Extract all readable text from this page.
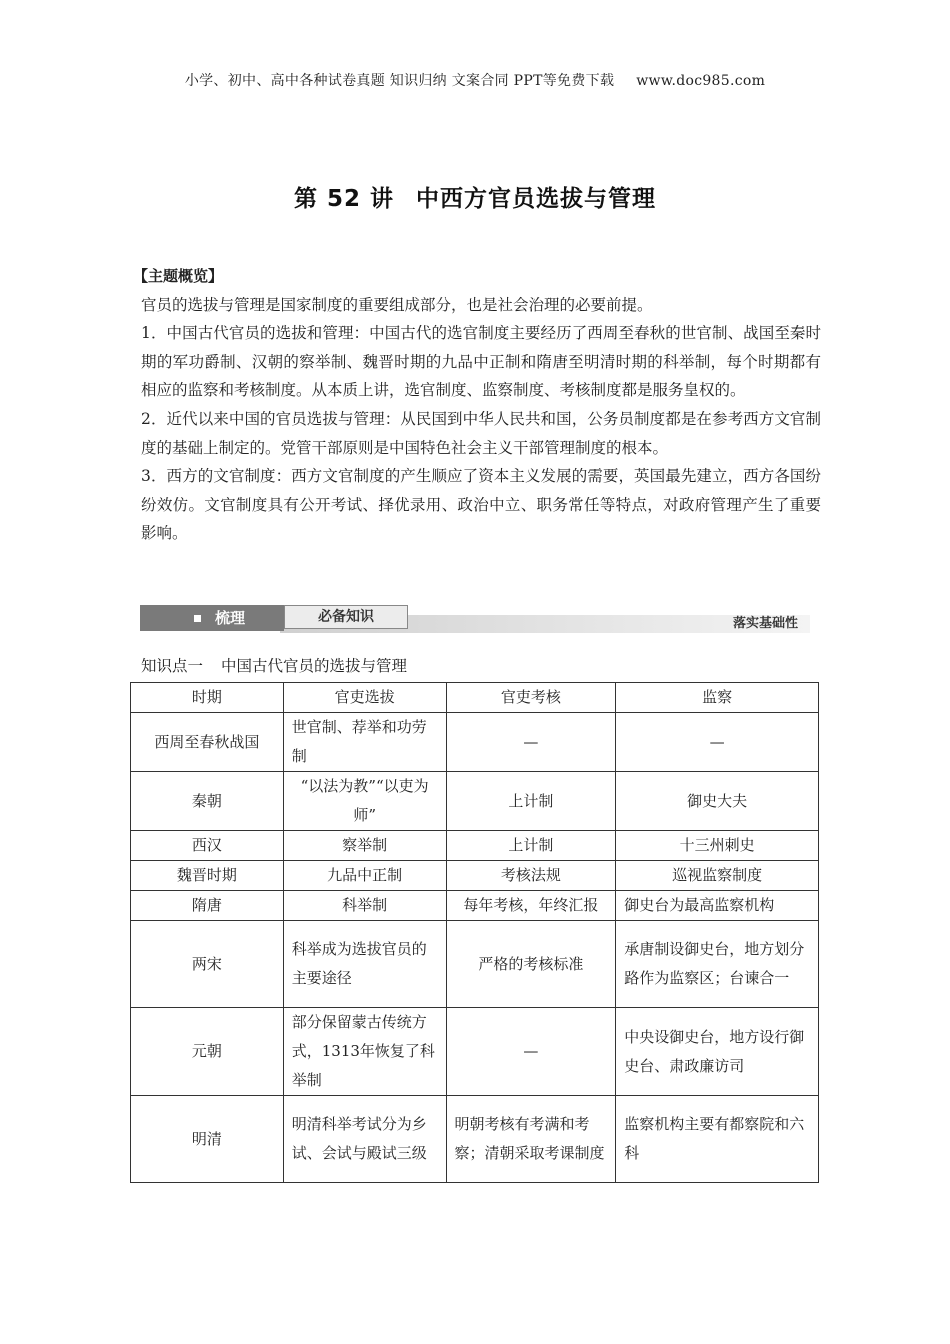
小学、初中、高中各种试卷真题 知识归纳 文案合同 PPT等免费下载 www.doc985.com
第 52 讲 中西方官员选拔与管理

【主题概览】

官员的选拔与管理是国家制度的重要组成部分，也是社会治理的必要前提。

1．中国古代官员的选拔和管理：中国古代的选官制度主要经历了西周至春秋的世官制、战国至秦时期的军功爵制、汉朝的察举制、魏晋时期的九品中正制和隋唐至明清时期的科举制，每个时期都有相应的监察和考核制度。从本质上讲，选官制度、监察制度、考核制度都是服务皇权的。

2．近代以来中国的官员选拔与管理：从民国到中华人民共和国，公务员制度都是在参考西方文官制度的基础上制定的。党管干部原则是中国特色社会主义干部管理制度的根本。

3．西方的文官制度：西方文官制度的产生顺应了资本主义发展的需要，英国最先建立，西方各国纷纷效仿。文官制度具有公开考试、择优录用、政治中立、职务常任等特点，对政府管理产生了重要影响。

梳理	必备知识	落实基础性
知识点一 中国古代官员的选拔与管理
时期	官吏选拔	官吏考核	监察
西周至春秋战国	世官制、荐举和功劳制	—	—
秦朝	“以法为教”“以吏为师”	上计制	御史大夫
西汉	察举制	上计制	十三州刺史
魏晋时期	九品中正制	考核法规	巡视监察制度
隋唐	科举制	每年考核，年终汇报	御史台为最高监察机构
两宋	科举成为选拔官员的主要途径	严格的考核标准	承唐制设御史台，地方划分路作为监察区；台谏合一
元朝	部分保留蒙古传统方式，1313年恢复了科举制	—	中央设御史台，地方设行御史台、肃政廉访司
明清	明清科举考试分为乡试、会试与殿试三级	明朝考核有考满和考察；清朝采取考课制度	监察机构主要有都察院和六科
